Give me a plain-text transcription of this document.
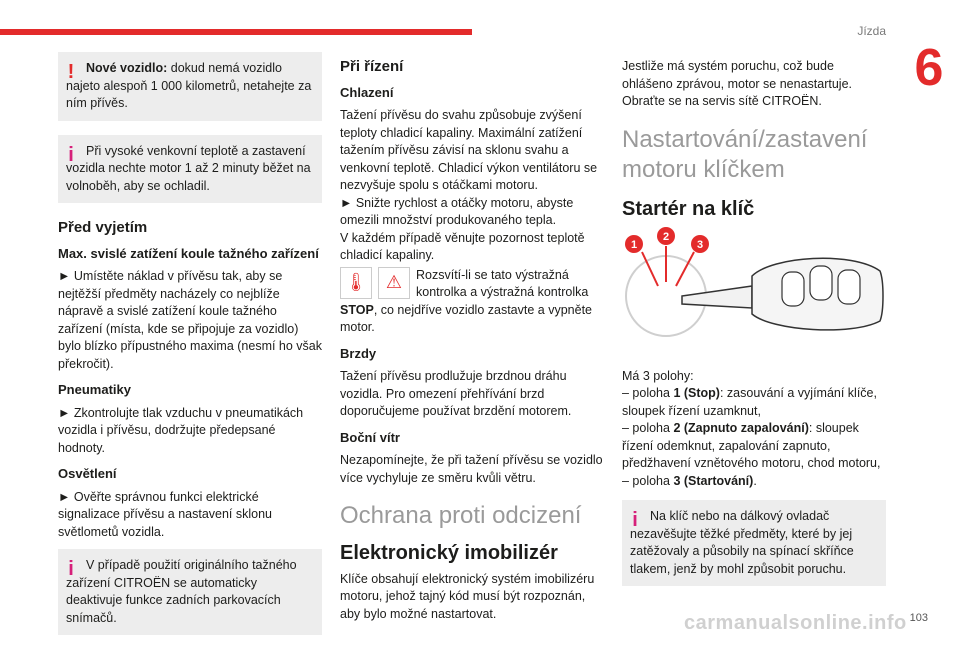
Jízda
6
! Nové vozidlo: dokud nemá vozidlo najeto alespoň 1 000 kilometrů, netahejte za ním přívěs.

i Při vysoké venkovní teplotě a zastavení vozidla nechte motor 1 až 2 minuty běžet na volnoběh, aby se ochladil.

Před vyjetím
Max. svislé zatížení koule tažného zařízení

► Umístěte náklad v přívěsu tak, aby se nejtěžší předměty nacházely co nejblíže nápravě a svislé zatížení koule tažného zařízení (místa, kde se připojuje za vozidlo) bylo blízko přípustného maxima (nesmí ho však překročit).

Pneumatiky

► Zkontrolujte tlak vzduchu v pneumatikách vozidla i přívěsu, dodržujte předepsané hodnoty.

Osvětlení

► Ověřte správnou funkci elektrické signalizace přívěsu a nastavení sklonu světlometů vozidla.

i V případě použití originálního tažného zařízení CITROËN se automaticky deaktivuje funkce zadních parkovacích snímačů.

Při řízení
Chlazení

Tažení přívěsu do svahu způsobuje zvýšení teploty chladicí kapaliny. Maximální zatížení tažením přívěsu závisí na sklonu svahu a venkovní teplotě. Chladicí výkon ventilátoru se nezvyšuje spolu s otáčkami motoru.

► Snižte rychlost a otáčky motoru, abyste omezili množství produkovaného tepla.

V každém případě věnujte pozornost teplotě chladicí kapaliny.

🌡	⚠	Rozsvítí-li se tato výstražná kontrolka a výstražná kontrolka

STOP, co nejdříve vozidlo zastavte a vypněte motor.

Brzdy

Tažení přívěsu prodlužuje brzdnou dráhu vozidla. Pro omezení přehřívání brzd doporučujeme používat brzdění motorem.

Boční vítr

Nezapomínejte, že při tažení přívěsu se vozidlo více vychyluje ze směru kvůli větru.

Ochrana proti odcizení
Elektronický imobilizér

Klíče obsahují elektronický systém imobilizéru motoru, jehož tajný kód musí být rozpoznán, aby bylo možné nastartovat.

Jestliže má systém poruchu, což bude ohlášeno zprávou, motor se nenastartuje.

Obraťte se na servis sítě CITROËN.

Nastartování/zastavení motoru klíčkem
Startér na klíč
1
2
3

Má 3 polohy:

– poloha 1 (Stop): zasouvání a vyjímání klíče, sloupek řízení uzamknut,

– poloha 2 (Zapnuto zapalování): sloupek řízení odemknut, zapalování zapnuto, předžhavení vznětového motoru, chod motoru,

– poloha 3 (Startování).

i Na klíč nebo na dálkový ovladač nezavěšujte těžké předměty, které by jej zatěžovaly a působily na spínací skříňce tlakem, jenž by mohl způsobit poruchu.

carmanualsonline.info 103
